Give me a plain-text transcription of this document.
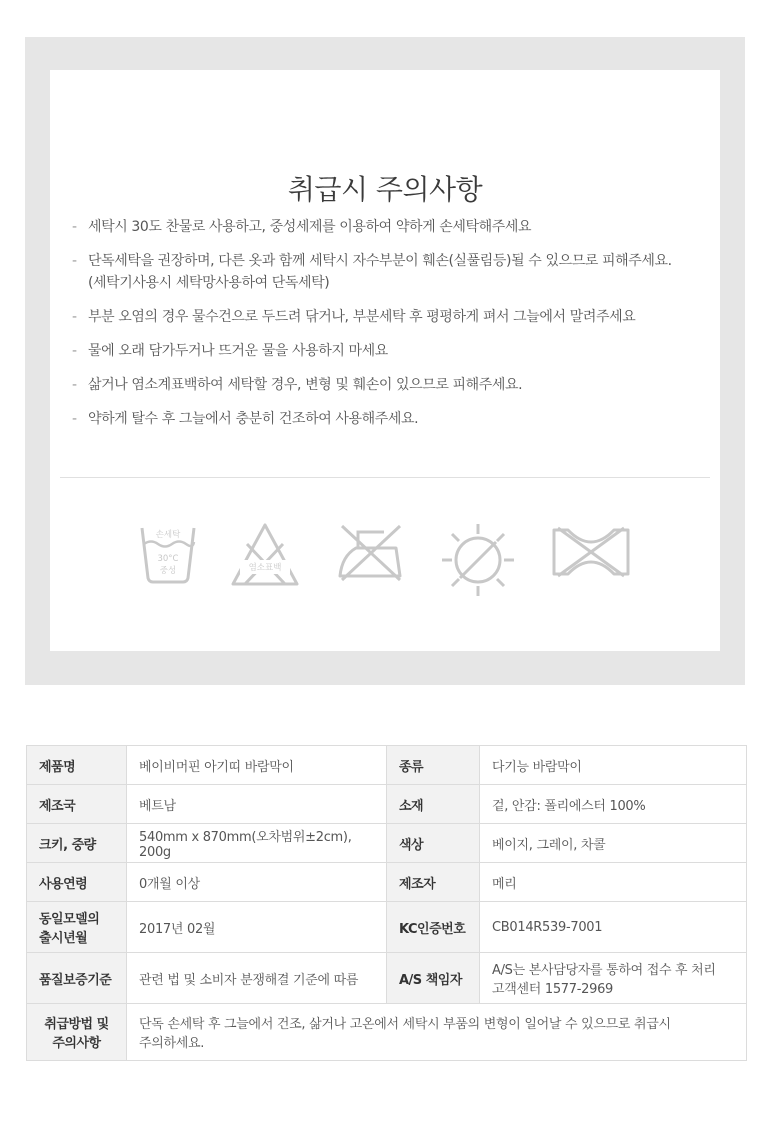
취급시 주의사항
- 세탁시 30도 찬물로 사용하고, 중성세제를 이용하여 약하게 손세탁해주세요
- 단독세탁을 권장하며, 다른 옷과 함께 세탁시 자수부분이 훼손(실풀림등)될 수 있으므로 피해주세요.
(세탁기사용시 세탁망사용하여 단독세탁)
- 부분 오염의 경우 물수건으로 두드려 닦거나, 부분세탁 후 평평하게 펴서 그늘에서 말려주세요
- 물에 오래 담가두거나 뜨거운 물을 사용하지 마세요
- 삶거나 염소계표백하여 세탁할 경우, 변형 및 훼손이 있으므로 피해주세요.
- 약하게 탈수 후 그늘에서 충분히 건조하여 사용해주세요.
손세탁
30°C
중성	염소표백
제품명	베이비머핀 아기띠 바람막이	종류	다기능 바람막이
제조국	베트남	소재	겉, 안감: 폴리에스터 100%
크키, 중량	540mm x 870mm(오차범위±2cm), 200g	색상	베이지, 그레이, 차콜
사용연령	0개월 이상	제조자	메리
동일모델의
출시년월	2017년 02월	KC인증번호	CB014R539-7001
품질보증기준	관련 법 및 소비자 분쟁해결 기준에 따름	A/S 책임자	A/S는 본사담당자를 통하여 접수 후 처리
고객센터 1577-2969
취급방법 및
주의사항	단독 손세탁 후 그늘에서 건조, 삶거나 고온에서 세탁시 부품의 변형이 일어날 수 있으므로 취급시
주의하세요.		
